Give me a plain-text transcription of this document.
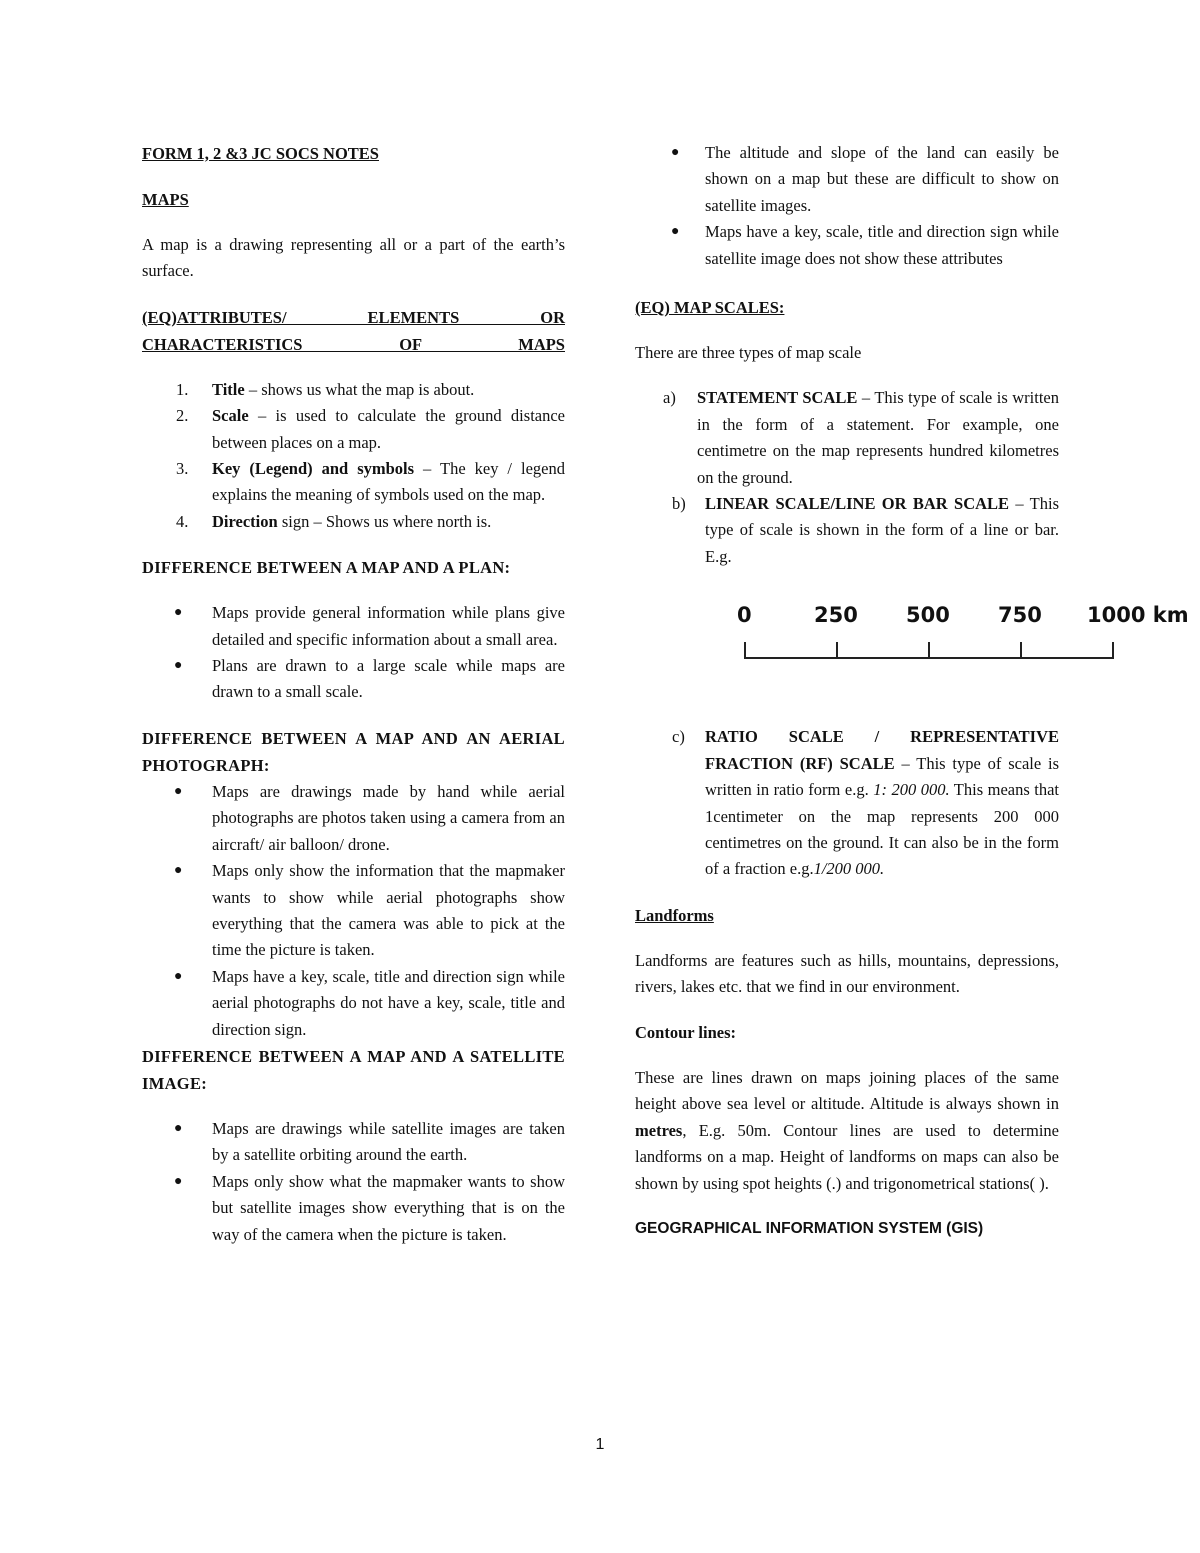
FORM 1, 2 &3 JC SOCS NOTES

MAPS

A map is a drawing representing all or a part of the earth’s surface.

(EQ)ATTRIBUTES/ ELEMENTS OR CHARACTERISTICS OF MAPS

1. Title – shows us what the map is about.
2. Scale – is used to calculate the ground distance between places on a map.
3. Key (Legend) and symbols – The key / legend explains the meaning of symbols used on the map.
4. Direction sign – Shows us where north is.

DIFFERENCE BETWEEN A MAP AND A PLAN:

● Maps provide general information while plans give detailed and specific information about a small area.
● Plans are drawn to a large scale while maps are drawn to a small scale.

DIFFERENCE BETWEEN A MAP AND AN AERIAL PHOTOGRAPH:

● Maps are drawings made by hand while aerial photographs are photos taken using a camera from an aircraft/ air balloon/ drone.
● Maps only show the information that the mapmaker wants to show while aerial photographs show everything that the camera was able to pick at the time the picture is taken.
● Maps have a key, scale, title and direction sign while aerial photographs do not have a key, scale, title and direction sign.

DIFFERENCE BETWEEN A MAP AND A SATELLITE IMAGE:

● Maps are drawings while satellite images are taken by a satellite orbiting around the earth.
● Maps only show what the mapmaker wants to show but satellite images show everything that is on the way of the camera when the picture is taken.
● The altitude and slope of the land can easily be shown on a map but these are difficult to show on satellite images.
● Maps have a key, scale, title and direction sign while satellite image does not show these attributes

(EQ) MAP SCALES:

There are three types of map scale

a) STATEMENT SCALE – This type of scale is written in the form of a statement. For example, one centimetre on the map represents hundred kilometres on the ground.
b) LINEAR SCALE/LINE OR BAR SCALE – This type of scale is shown in the form of a line or bar. E.g.
0	250 500 750 1000 km
c) RATIO SCALE / REPRESENTATIVE FRACTION (RF) SCALE – This type of scale is written in ratio form e.g. 1: 200 000. This means that 1centimeter on the map represents 200 000 centimetres on the ground. It can also be in the form of a fraction e.g.1/200 000.

Landforms

Landforms are features such as hills, mountains, depressions, rivers, lakes etc. that we find in our environment.

Contour lines:

These are lines drawn on maps joining places of the same height above sea level or altitude. Altitude is always shown in metres, E.g. 50m. Contour lines are used to determine landforms on a map. Height of landforms on maps can also be shown by using spot heights (.) and trigonometrical stations( ).

GEOGRAPHICAL INFORMATION SYSTEM (GIS)

1
